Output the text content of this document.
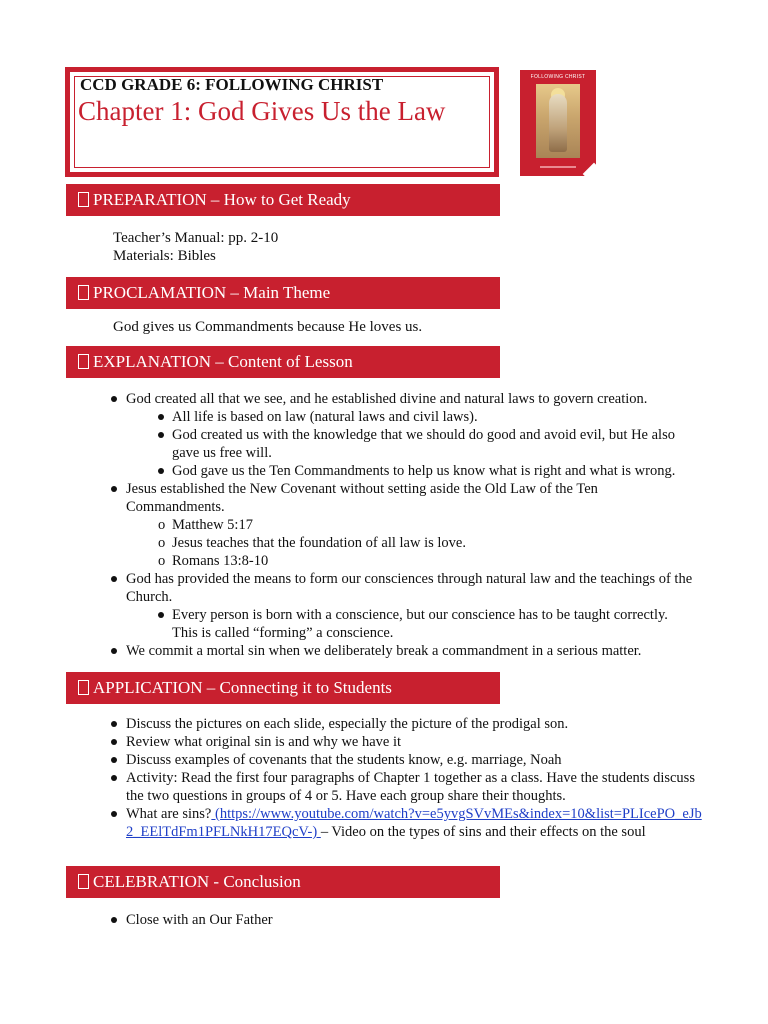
CCD GRADE 6: FOLLOWING CHRIST
Chapter 1: God Gives Us the Law
FOLLOWING CHRIST
PREPARATION – How to Get Ready
Teacher’s Manual: pp. 2-10
Materials: Bibles
PROCLAMATION – Main Theme
God gives us Commandments because He loves us.
EXPLANATION – Content of Lesson
God created all that we see, and he established divine and natural laws to govern creation.
All life is based on law (natural laws and civil laws).
God created us with the knowledge that we should do good and avoid evil, but He also gave us free will.
God gave us the Ten Commandments to help us know what is right and what is wrong.
Jesus established the New Covenant without setting aside the Old Law of the Ten Commandments.
o Matthew 5:17
o Jesus teaches that the foundation of all law is love.
o Romans 13:8-10
God has provided the means to form our consciences through natural law and the teachings of the Church.
Every person is born with a conscience, but our conscience has to be taught correctly. This is called “forming” a conscience.
We commit a mortal sin when we deliberately break a commandment in a serious matter.
APPLICATION – Connecting it to Students
Discuss the pictures on each slide, especially the picture of the prodigal son.
Review what original sin is and why we have it
Discuss examples of covenants that the students know, e.g. marriage, Noah
Activity: Read the first four paragraphs of Chapter 1 together as a class. Have the students discuss the two questions in groups of 4 or 5. Have each group share their thoughts.
What are sins? (https://www.youtube.com/watch?v=e5yvgSVvMEs&index=10&list=PLIcePO_eJb2_EElTdFm1PFLNkH17EQcV-) – Video on the types of sins and their effects on the soul
CELEBRATION - Conclusion
Close with an Our Father
